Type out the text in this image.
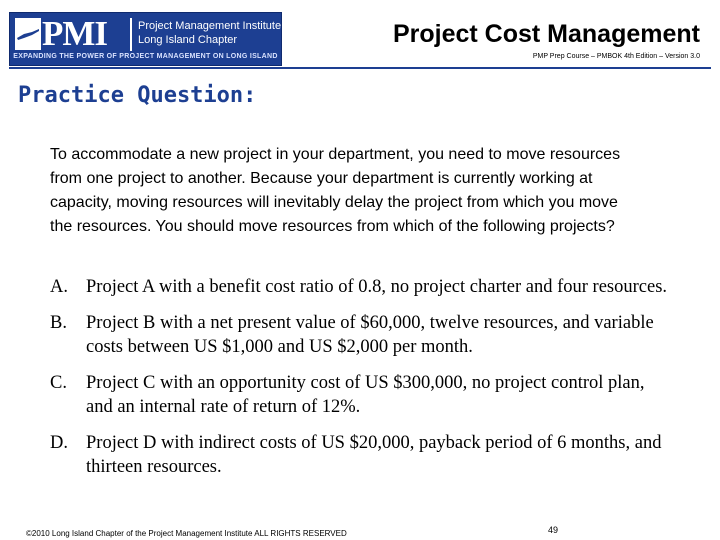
PMI	Project Management Institute
Long Island Chapter
EXPANDING THE POWER OF PROJECT MANAGEMENT ON LONG ISLAND
Project Cost Management
PMP Prep Course – PMBOK 4th Edition – Version 3.0
Practice Question:

To accommodate a new project in your department, you need to move resources from one project to another. Because your department is currently working at capacity, moving resources will inevitably delay the project from which you move the resources. You should move resources from which of the following projects?

A. Project A with a benefit cost ratio of 0.8, no project charter and four resources.
B.	Project B with a net present value of $60,000, twelve resources, and variable costs between US $1,000 and US $2,000 per month.
C.	Project C with an opportunity cost of US $300,000, no project control plan, and an internal rate of return of 12%.
D. Project D with indirect costs of US $20,000, payback period of 6 months, and thirteen resources.
©2010 Long Island Chapter of the Project Management Institute ALL RIGHTS RESERVED	49
